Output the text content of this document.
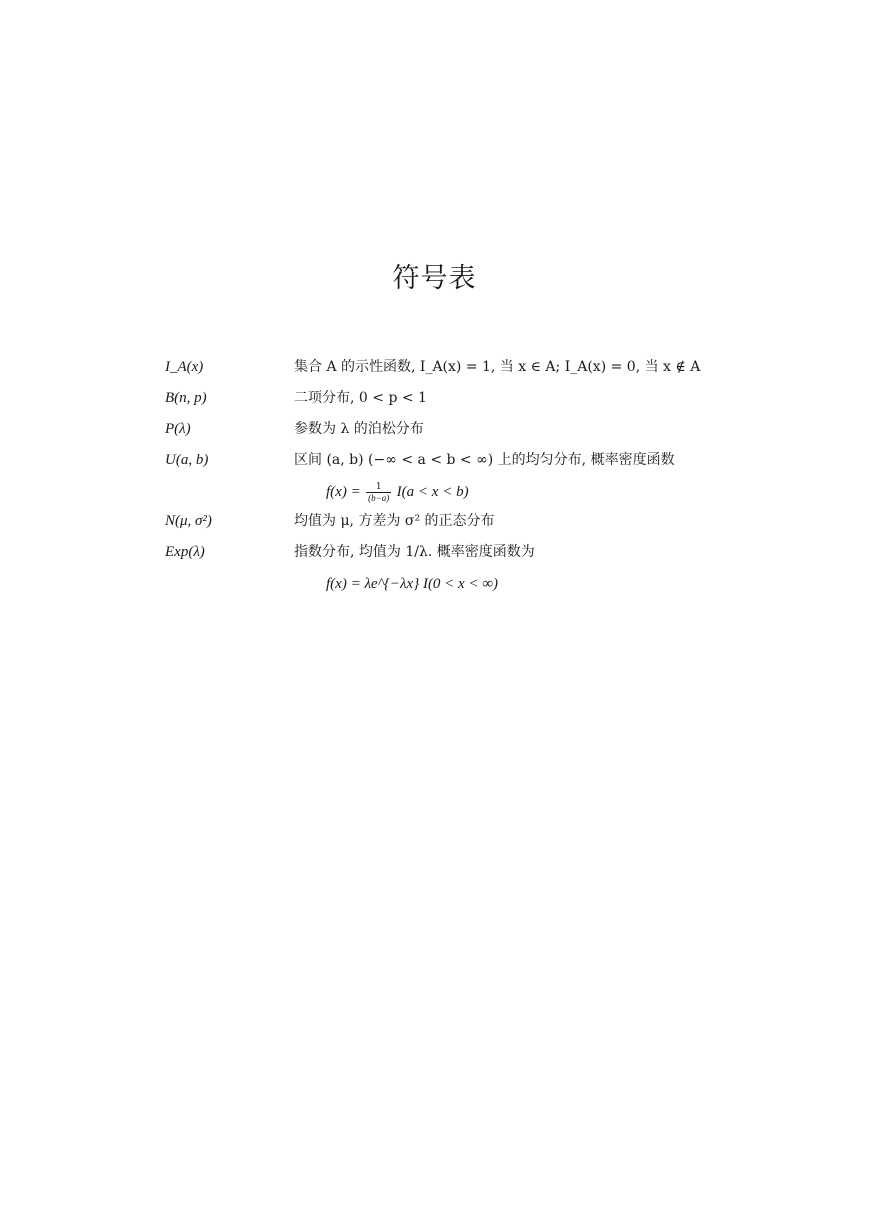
符号表
I_A(x)	集合 A 的示性函数, I_A(x) = 1, 当 x ∈ A; I_A(x) = 0, 当 x ∉ A
B(n, p)	二项分布, 0 < p < 1
P(λ)	参数为 λ 的泊松分布
U(a, b)	区间 (a, b) (−∞ < a < b < ∞) 上的均匀分布, 概率密度函数
$f(x) = \frac{1}{(b-a)} I(a < x < b)$
N(μ, σ²)	均值为 μ, 方差为 σ² 的正态分布
Exp(λ)	指数分布, 均值为 1/λ. 概率密度函数为
f(x) = λe^{−λx} I(0 < x < ∞)
